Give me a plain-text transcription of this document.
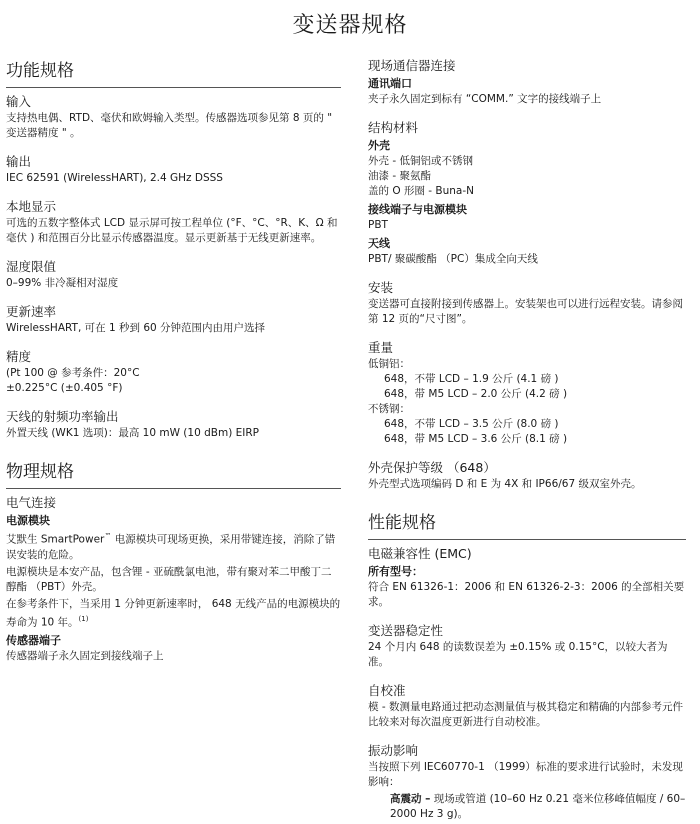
变送器规格
功能规格
输入
支持热电偶、RTD、毫伏和欧姆输入类型。传感器选项参见第 8 页的 " 变送器精度 " 。
输出
IEC 62591 (WirelessHART), 2.4 GHz DSSS
本地显示
可选的五数字整体式 LCD 显示屏可按工程单位 (°F、°C、°R、K、Ω 和毫伏 ) 和范围百分比显示传感器温度。显示更新基于无线更新速率。
湿度限值
0–99% 非冷凝相对湿度
更新速率
WirelessHART, 可在 1 秒到 60 分钟范围内由用户选择
精度
(Pt 100 @ 参考条件：20°C
±0.225°C (±0.405 °F)
天线的射频功率输出
外置天线 (WK1 选项)：最高 10 mW (10 dBm) EIRP
物理规格
电气连接
电源模块
艾默生 SmartPower™ 电源模块可现场更换，采用带键连接，消除了错误安装的危险。
电源模块是本安产品，包含锂 - 亚硫酰氯电池，带有聚对苯二甲酸丁二醇酯 （PBT）外壳。
在参考条件下，当采用 1 分钟更新速率时， 648 无线产品的电源模块的寿命为 10 年。$^{(1)}$
传感器端子
传感器端子永久固定到接线端子上
现场通信器连接
通讯端口
夹子永久固定到标有 “COMM.” 文字的接线端子上
结构材料
外壳
外壳 - 低铜铝或不锈钢
油漆 - 聚氨酯
盖的 O 形圈 - Buna-N
接线端子与电源模块
PBT
天线
PBT/ 聚碳酸酯 （PC）集成全向天线
安装
变送器可直接附接到传感器上。安装架也可以进行远程安装。请参阅第 12 页的“尺寸图”。
重量
低铜铝：
648，不带 LCD – 1.9 公斤 (4.1 磅 )
648，带 M5 LCD – 2.0 公斤 (4.2 磅 )
不锈钢：
648，不带 LCD – 3.5 公斤 (8.0 磅 )
648，带 M5 LCD – 3.6 公斤 (8.1 磅 )
外壳保护等级 （648）
外壳型式选项编码 D 和 E 为 4X 和 IP66/67 级双室外壳。
性能规格
电磁兼容性 (EMC)
所有型号：
符合 EN 61326-1：2006 和 EN 61326-2-3：2006 的全部相关要求。
变送器稳定性
24 个月内 648 的读数误差为 ±0.15% 或 0.15°C，以较大者为准。
自校准
模 - 数测量电路通过把动态测量值与极其稳定和精确的内部参考元件比较来对每次温度更新进行自动校准。
振动影响
当按照下列 IEC60770-1 （1999）标准的要求进行试验时，未发现影响：
高震动 – 现场或管道 (10–60 Hz 0.21 毫米位移峰值幅度 / 60–2000 Hz 3 g)。
